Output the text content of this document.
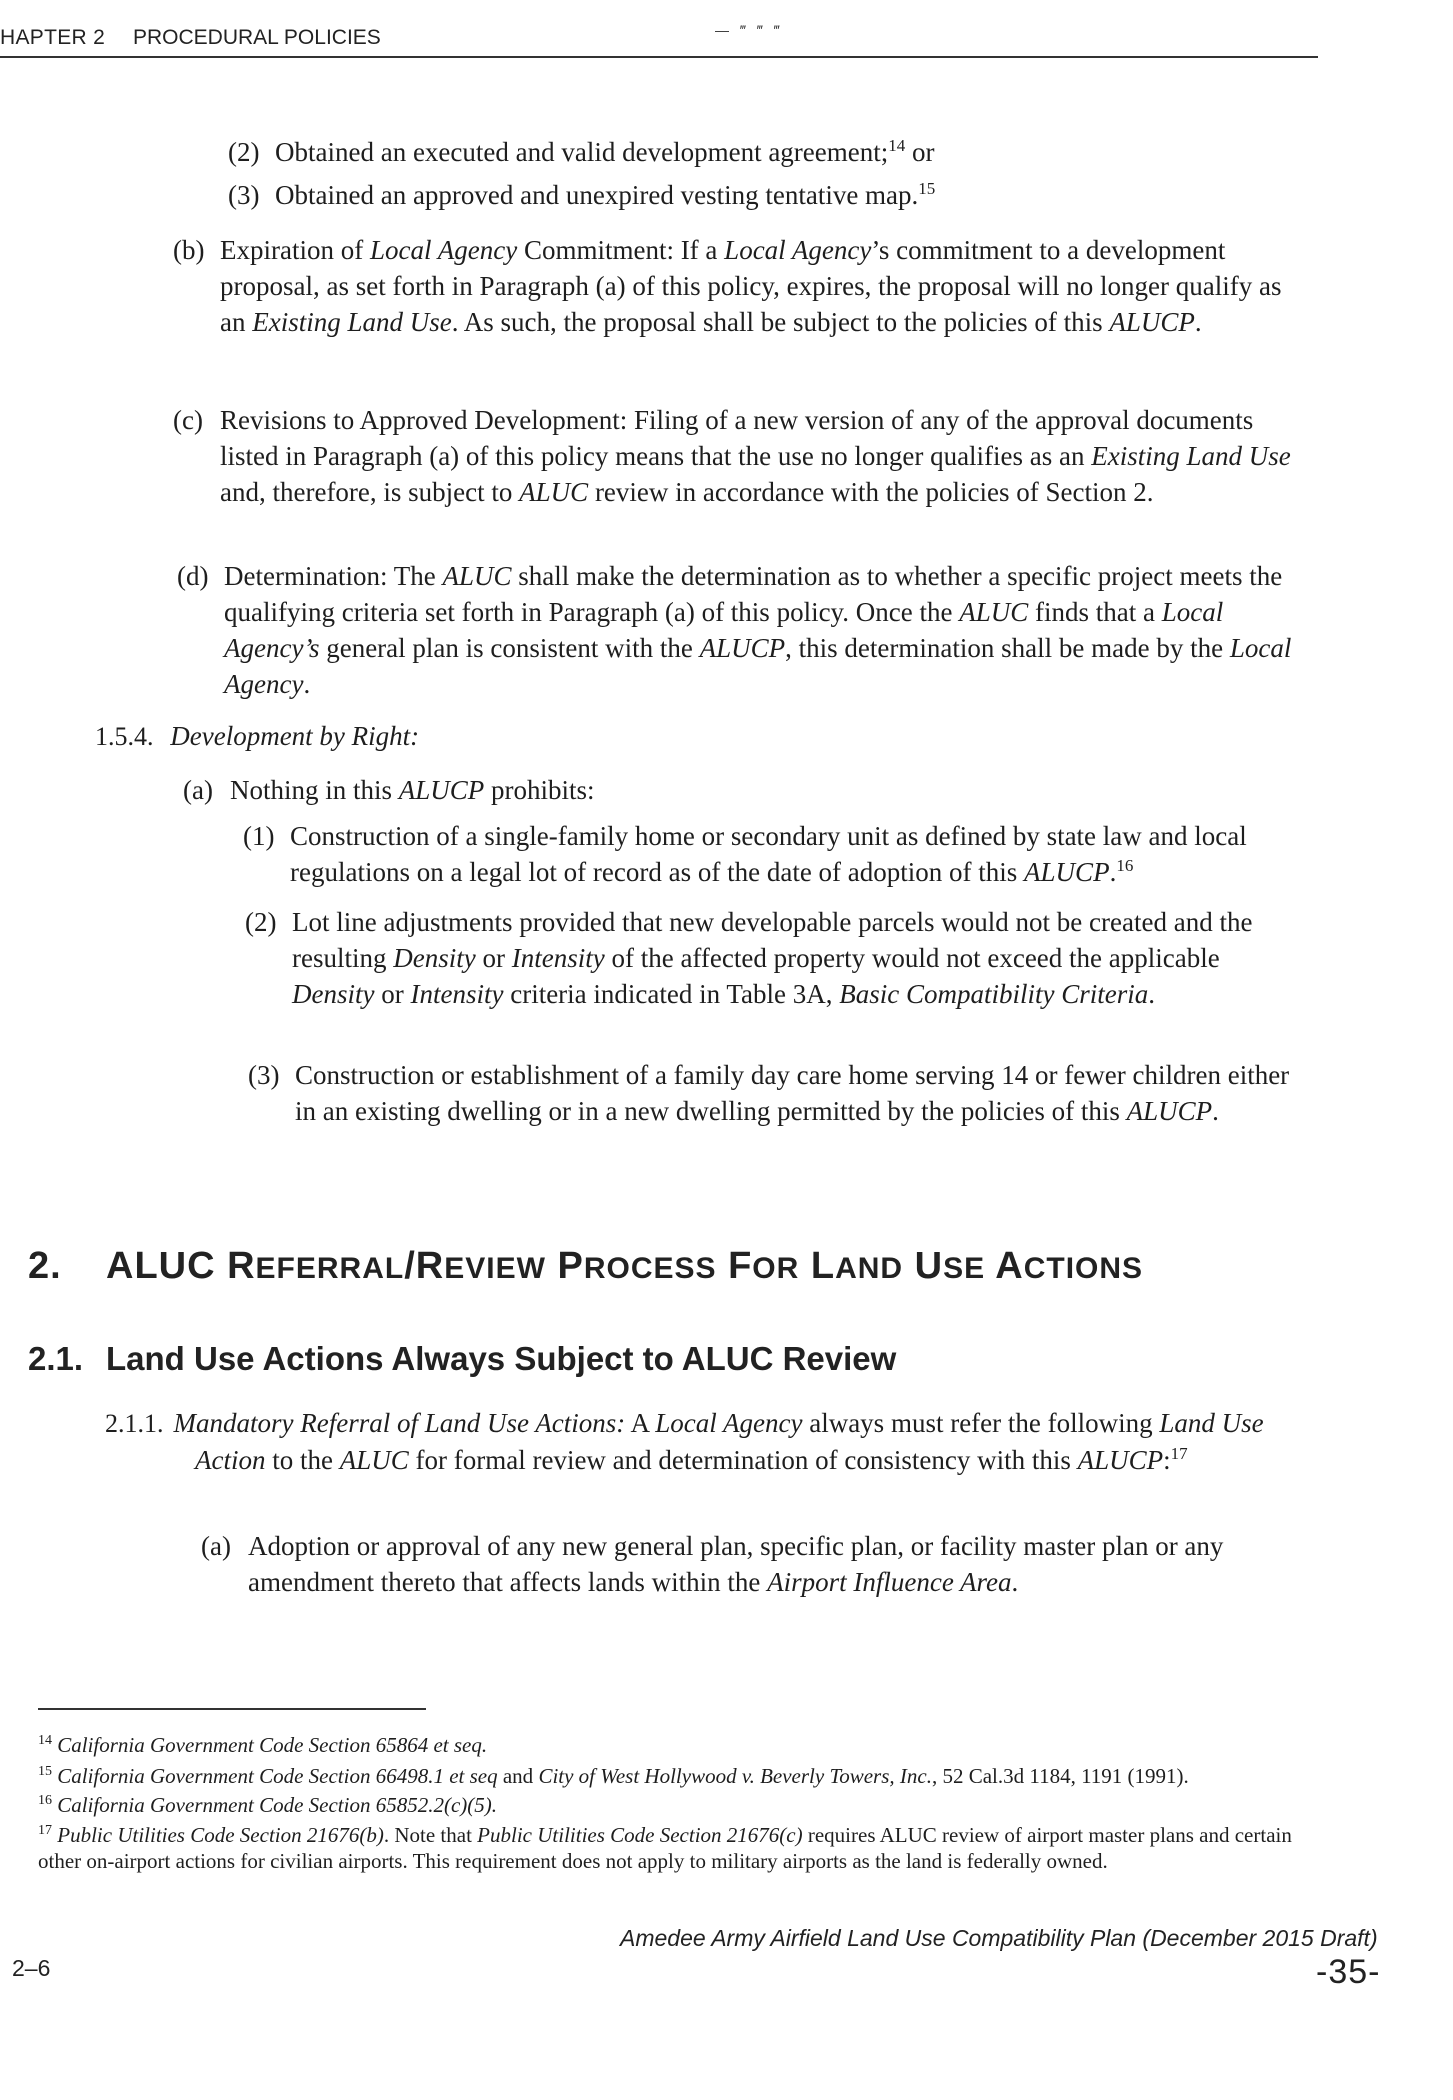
HAPTER 2 PROCEDURAL POLICIES	— ‴ ‴ ‴
(2) Obtained an executed and valid development agreement;$^{14}$ or
(3) Obtained an approved and unexpired vesting tentative map.$^{15}$
(b) Expiration of Local Agency Commitment: If a Local Agency’s commitment to a development proposal, as set forth in Paragraph (a) of this policy, expires, the proposal will no longer qualify as an Existing Land Use. As such, the proposal shall be subject to the policies of this ALUCP.
(c) Revisions to Approved Development: Filing of a new version of any of the approval documents listed in Paragraph (a) of this policy means that the use no longer qualifies as an Existing Land Use and, therefore, is subject to ALUC review in accordance with the policies of Section 2.
(d) Determination: The ALUC shall make the determination as to whether a specific project meets the qualifying criteria set forth in Paragraph (a) of this policy. Once the ALUC finds that a Local Agency’s general plan is consistent with the ALUCP, this determination shall be made by the Local Agency.
1.5.4. Development by Right:
(a) Nothing in this ALUCP prohibits:
(1) Construction of a single-family home or secondary unit as defined by state law and local regulations on a legal lot of record as of the date of adoption of this ALUCP.$^{16}$
(2) Lot line adjustments provided that new developable parcels would not be created and the resulting Density or Intensity of the affected property would not exceed the applicable Density or Intensity criteria indicated in Table 3A, Basic Compatibility Criteria.
(3) Construction or establishment of a family day care home serving 14 or fewer children either in an existing dwelling or in a new dwelling permitted by the policies of this ALUCP.
2. ALUC REFERRAL/REVIEW PROCESS FOR LAND USE ACTIONS
2.1. Land Use Actions Always Subject to ALUC Review
2.1.1. Mandatory Referral of Land Use Actions: A Local Agency always must refer the following Land Use Action to the ALUC for formal review and determination of consistency with this ALUCP:$^{17}$
(a) Adoption or approval of any new general plan, specific plan, or facility master plan or any amendment thereto that affects lands within the Airport Influence Area.
$^{14}$ California Government Code Section 65864 et seq.
$^{15}$ California Government Code Section 66498.1 et seq and City of West Hollywood v. Beverly Towers, Inc., 52 Cal.3d 1184, 1191 (1991).
$^{16}$ California Government Code Section 65852.2(c)(5).
$^{17}$ Public Utilities Code Section 21676(b). Note that Public Utilities Code Section 21676(c) requires ALUC review of airport master plans and certain other on-airport actions for civilian airports. This requirement does not apply to military airports as the land is federally owned.
2–6
Amedee Army Airfield Land Use Compatibility Plan (December 2015 Draft)
-35-
